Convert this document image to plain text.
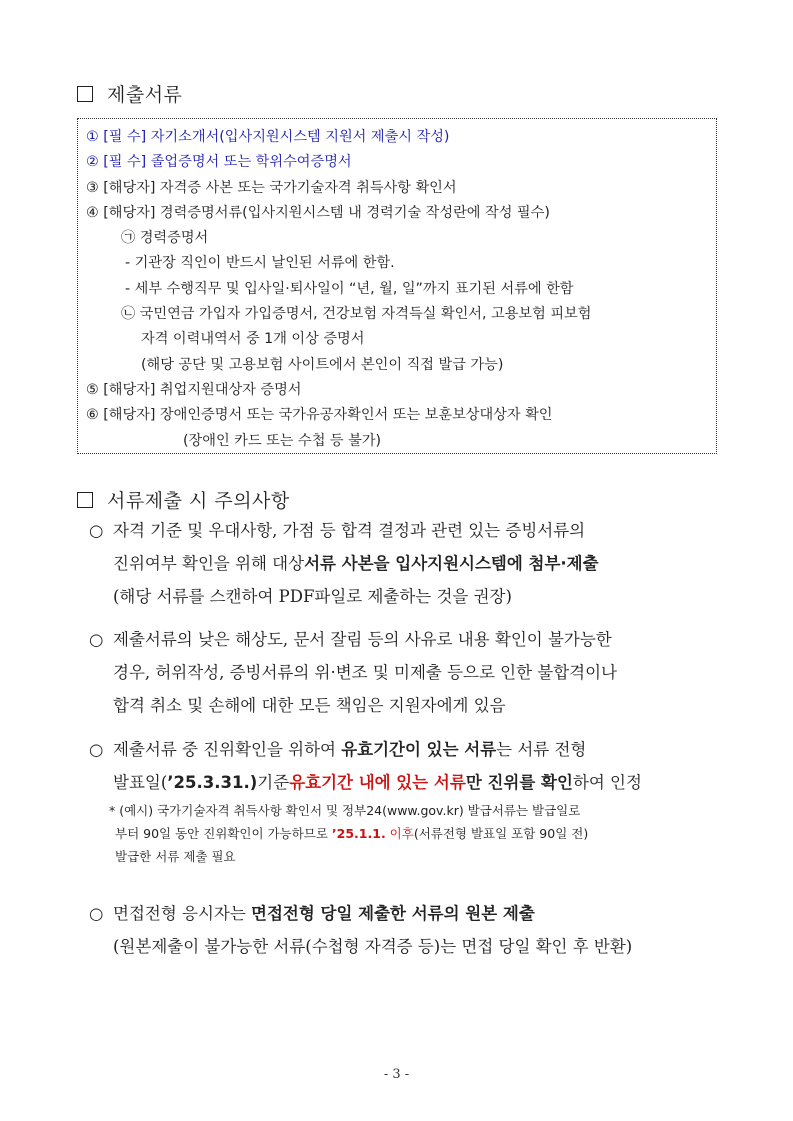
제출서류
① [필 수] 자기소개서(입사지원시스템 지원서 제출시 작성)
② [필 수] 졸업증명서 또는 학위수여증명서
③ [해당자] 자격증 사본 또는 국가기술자격 취득사항 확인서
④ [해당자] 경력증명서류(입사지원시스템 내 경력기술 작성란에 작성 필수)
㉠ 경력증명서
- 기관장 직인이 반드시 날인된 서류에 한함.
- 세부 수행직무 및 입사일·퇴사일이 “년, 월, 일”까지 표기된 서류에 한함
㉡ 국민연금 가입자 가입증명서, 건강보험 자격득실 확인서, 고용보험 피보험
자격 이력내역서 중 1개 이상 증명서
(해당 공단 및 고용보험 사이트에서 본인이 직접 발급 가능)
⑤ [해당자] 취업지원대상자 증명서
⑥ [해당자] 장애인증명서 또는 국가유공자확인서 또는 보훈보상대상자 확인
(장애인 카드 또는 수첩 등 불가)
서류제출 시 주의사항
○ 자격 기준 및 우대사항, 가점 등 합격 결정과 관련 있는 증빙서류의
진위여부 확인을 위해 대상 서류 사본을 입사지원시스템에 첨부·제출
(해당 서류를 스캔하여 PDF파일로 제출하는 것을 권장)
○ 제출서류의 낮은 해상도, 문서 잘림 등의 사유로 내용 확인이 불가능한
경우, 허위작성, 증빙서류의 위·변조 및 미제출 등으로 인한 불합격이나
합격 취소 및 손해에 대한 모든 책임은 지원자에게 있음
○ 제출서류 중 진위확인을 위하여 유효기간이 있는 서류는 서류 전형
발표일( ’25.3.31.) 기준 유효기간 내에 있는 서류 만 진위를 확인 하여 인정
* (예시) 국가기술자격 취득사항 확인서 및 정부24(www.gov.kr) 발급서류는 발급일로
부터 90일 동안 진위확인이 가능하므로 ’25.1.1. 이후(서류전형 발표일 포함 90일 전)
발급한 서류 제출 필요
○ 면접전형 응시자는 면접전형 당일 제출한 서류의 원본 제출
(원본제출이 불가능한 서류(수첩형 자격증 등)는 면접 당일 확인 후 반환)
- 3 -
